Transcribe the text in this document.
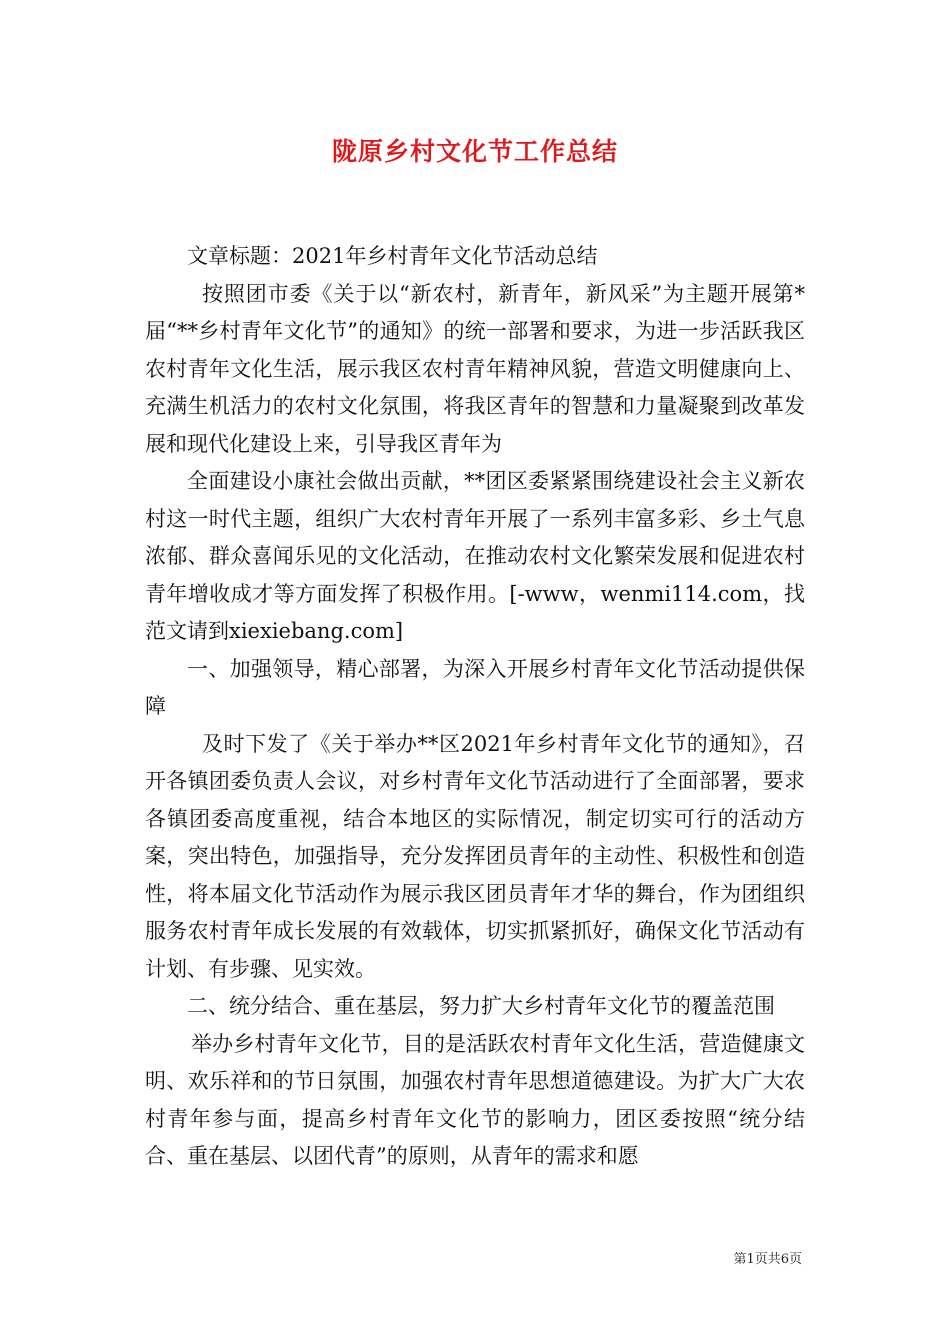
陇原乡村文化节工作总结

文章标题：2021年乡村青年文化节活动总结

按照团市委《关于以“新农村，新青年，新风采”为主题开展第*届“**乡村青年文化节”的通知》的统一部署和要求，为进一步活跃我区农村青年文化生活，展示我区农村青年精神风貌，营造文明健康向上、充满生机活力的农村文化氛围，将我区青年的智慧和力量凝聚到改革发展和现代化建设上来，引导我区青年为

全面建设小康社会做出贡献，**团区委紧紧围绕建设社会主义新农村这一时代主题，组织广大农村青年开展了一系列丰富多彩、乡土气息浓郁、群众喜闻乐见的文化活动，在推动农村文化繁荣发展和促进农村青年增收成才等方面发挥了积极作用。[-www，wenmi114.com，找范文请到xiexiebang.com]

一、加强领导，精心部署，为深入开展乡村青年文化节活动提供保障

及时下发了《关于举办**区2021年乡村青年文化节的通知》，召开各镇团委负责人会议，对乡村青年文化节活动进行了全面部署，要求各镇团委高度重视，结合本地区的实际情况，制定切实可行的活动方案，突出特色，加强指导，充分发挥团员青年的主动性、积极性和创造性，将本届文化节活动作为展示我区团员青年才华的舞台，作为团组织服务农村青年成长发展的有效载体，切实抓紧抓好，确保文化节活动有计划、有步骤、见实效。

二、统分结合、重在基层，努力扩大乡村青年文化节的覆盖范围

举办乡村青年文化节，目的是活跃农村青年文化生活，营造健康文明、欢乐祥和的节日氛围，加强农村青年思想道德建设。为扩大广大农村青年参与面，提高乡村青年文化节的影响力，团区委按照“统分结合、重在基层、以团代青”的原则，从青年的需求和愿

第1页共6页
